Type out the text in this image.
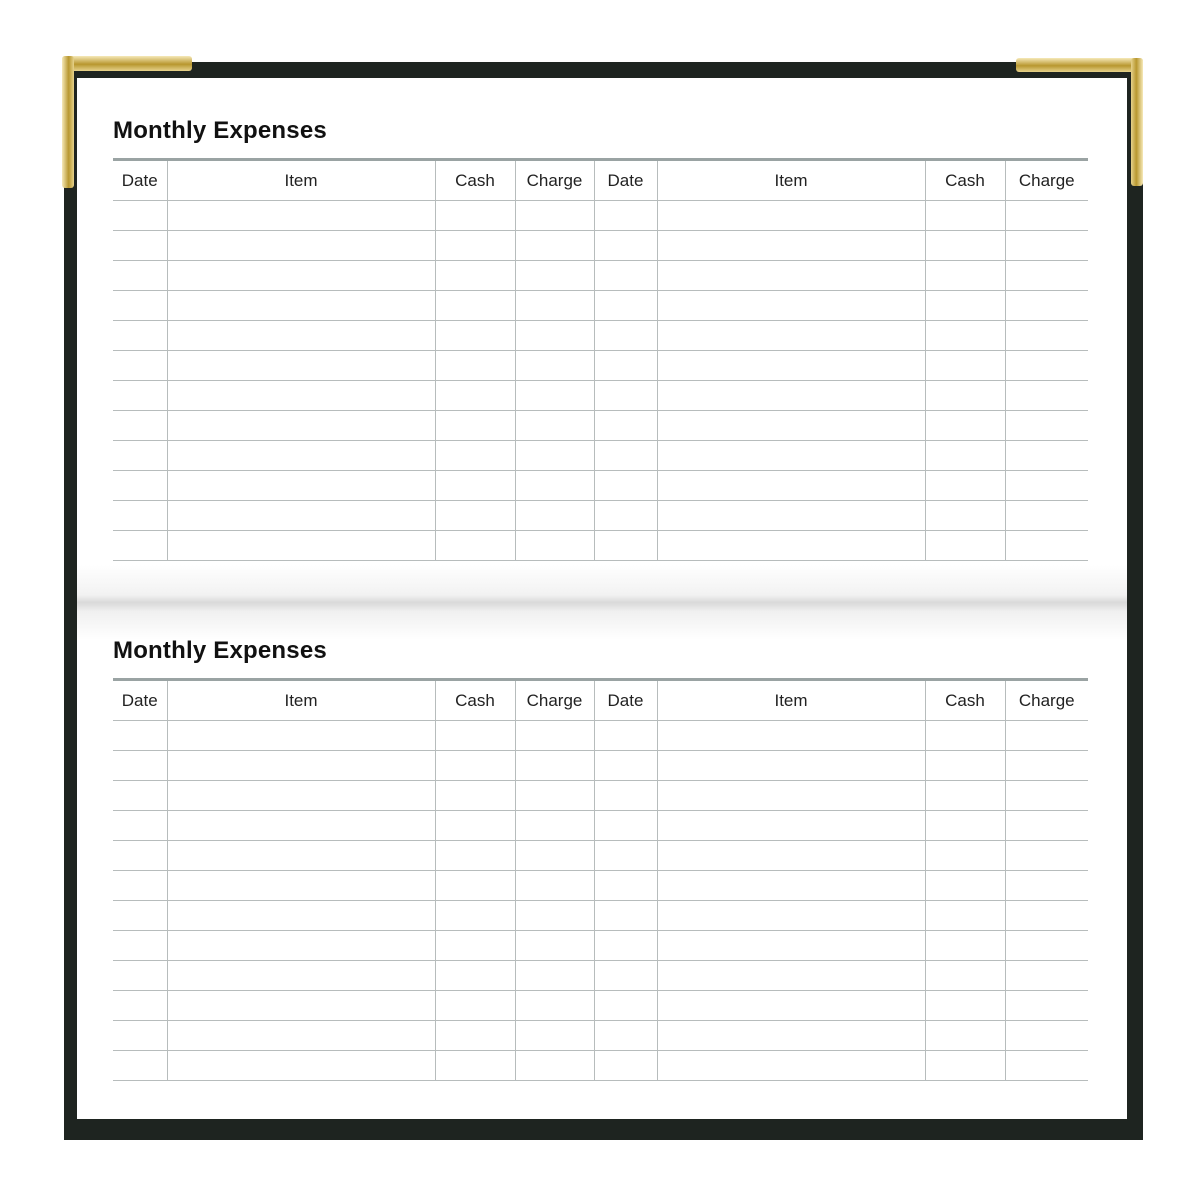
Monthly Expenses
Date	Item	Cash	Charge	Date	Item	Cash	Charge

Monthly Expenses
Date	Item	Cash	Charge	Date	Item	Cash	Charge
